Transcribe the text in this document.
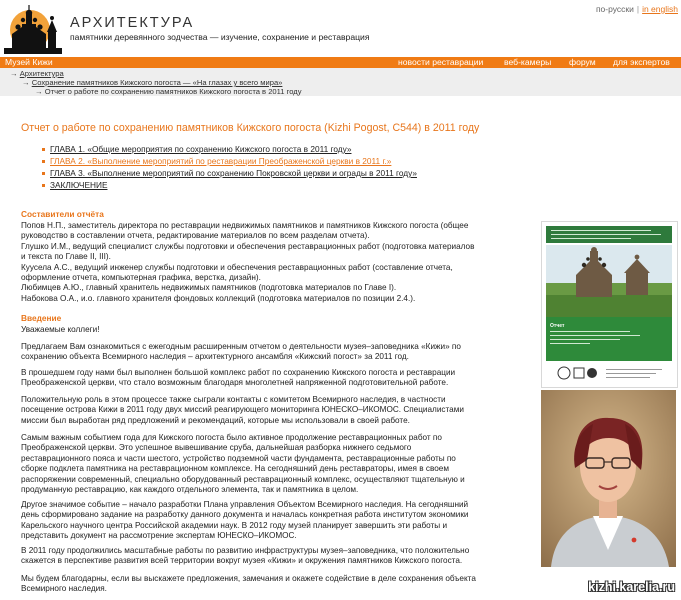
АРХИТЕКТУРА
памятники деревянного зодчества — изучение, сохранение и реставрация
по-русски | in english
Музей Кижи	новости реставрации веб-камеры форум для экспертов
→ Архитектура
→ Сохранение памятников Кижского погоста — «На глазах у всего мира»
→ Отчет о работе по сохранению памятников Кижского погоста в 2011 году
Отчет о работе по сохранению памятников Кижского погоста (Kizhi Pogost, C544) в 2011 году
ГЛАВА 1. «Общие мероприятия по сохранению Кижского погоста в 2011 году»
ГЛАВА 2. «Выполнение мероприятий по реставрации Преображенской церкви в 2011 г.»
ГЛАВА 3. «Выполнение мероприятий по сохранению Покровской церкви и ограды в 2011 году»
ЗАКЛЮЧЕНИЕ
Составители отчёта
Попов Н.П., заместитель директора по реставрации недвижимых памятников и памятников Кижского погоста (общее
руководство в составлении отчета, редактирование материалов по всем разделам отчета).
Глушко И.М., ведущий специалист службы подготовки и обеспечения реставрационных работ (подготовка материалов
и текста по Главе II, III).
Куусела А.С., ведущий инженер службы подготовки и обеспечения реставрационных работ (составление отчета,
оформление отчета, компьютерная графика, верстка, дизайн).
Любимцев А.Ю., главный хранитель недвижимых памятников (подготовка материалов по Главе I).
Набокова О.А., и.о. главного хранителя фондовых коллекций (подготовка материалов по позиции 2.4.).
Введение
Уважаемые коллеги!
Предлагаем Вам ознакомиться с ежегодным расширенным отчетом о деятельности музея–заповедника «Кижи» по
сохранению объекта Всемирного наследия – архитектурного ансамбля «Кижский погост» за 2011 год.
В прошедшем году нами был выполнен большой комплекс работ по сохранению Кижского погоста и реставрации
Преображенской церкви, что стало возможным благодаря многолетней напряженной подготовительной работе.
Положительную роль в этом процессе также сыграли контакты с комитетом Всемирного наследия, в частности
посещение острова Кижи в 2011 году двух миссий реагирующего мониторинга ЮНЕСКО–ИКОМОС. Специалистами
миссии был выработан ряд предложений и рекомендаций, которые мы использовали в своей работе.
Самым важным событием года для Кижского погоста было активное продолжение реставрационных работ по
Преображенской церкви. Это успешное вывешивание сруба, дальнейшая разборка нижнего седьмого
реставрационного пояса и части шестого, устройство подземной части фундамента, реставрационные работы по
сборке подклета памятника на реставрационном комплексе. На сегодняшний день реставраторы, имея в своем
распоряжении современный, специально оборудованный реставрационный комплекс, осуществляют тщательную и
продуманную реставрацию, как каждого отдельного элемента, так и памятника в целом.
Другое значимое событие – начало разработки Плана управления Объектом Всемирного наследия. На сегодняшний
день сформировано задание на разработку данного документа и началась конкретная работа институтом экономики
Карельского научного центра Российской академии наук. В 2012 году музей планирует завершить эти работы и
представить документ на рассмотрение экспертам ЮНЕСКО–ИКОМОС.
В 2011 году продолжились масштабные работы по развитию инфраструктуры музея–заповедника, что положительно
скажется в перспективе развития всей территории вокруг музея «Кижи» и окружения памятников Кижского погоста.
Мы будем благодарны, если вы выскажете предложения, замечания и окажете содействие в деле сохранения объекта
Всемирного наследия.
Отчет
kizhi.karelia.ru
